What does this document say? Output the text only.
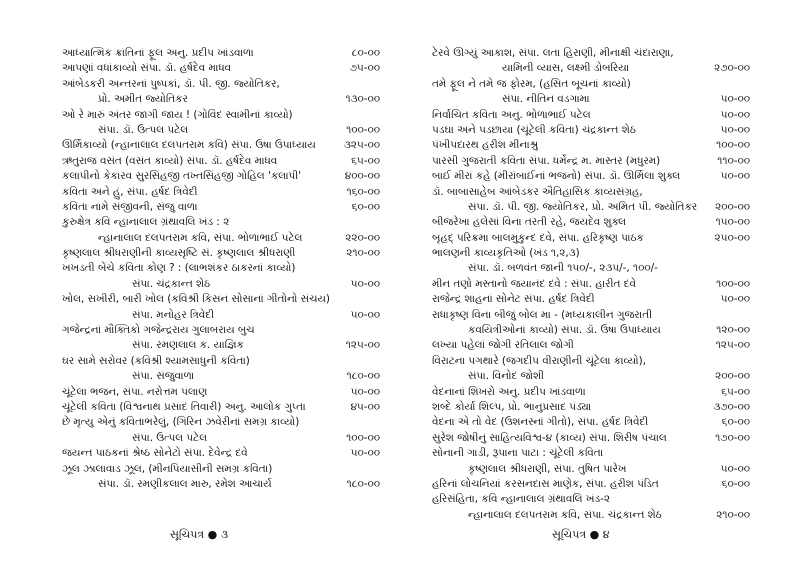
આધ્યાત્મિક ક્રાંતિનાં ફૂલ અનુ. પ્રદીપ ખાંડવાળા	૮૦-૦૦
આપણાં વધાંકાવ્યો સંપા. ડૉ. હર્ષદેવ માધવ	૭૫-૦૦
આંબેડકરી અન્તરનાં પુષ્પકાં, ડૉ. પી. જી. જ્યોતિકર,
પ્રો. અમીત જ્યોતિકર	૧૩૦-૦૦
ઓ રે મારું અંતર જાગી જાય ! (ગોવિંદ સ્વામીનાં કાવ્યો)
સંપા. ડૉ. ઉત્પલ પટેલ	૧૦૦-૦૦
ઊર્મિકાવ્યો (ન્હાનાલાલ દલપતરામ કવિ) સંપા. ઉષા ઉપાધ્યાય	૩૨૫-૦૦
ઋતુરાજ વસંત (વસંત કાવ્યો) સંપા. ડૉ. હર્ષદેવ માધવ	૬૫-૦૦
કલાપીનો કેકારવ સુરસિંહજી તખ્તસિંહજી ગોહિલ 'કલાપી'	૪૦૦-૦૦
કવિતા અને હું, સંપા. હર્ષદ ત્રિવેદી	૧૬૦-૦૦
કવિતા નામે સંજીવની, સંજુ વાળા	૬૦-૦૦
કુરુક્ષેત્ર કવિ ન્હાનાલાલ ગ્રંથાવલિ ખંડ : ૨
ન્હાનાલાલ દલપતરામ કવિ, સંપા. ભોળાભાઈ પટેલ	૨૨૦-૦૦
કૃષ્ણલાલ શ્રીધરાણીની કાવ્યસૃષ્ટિ સં. કૃષ્ણલાલ શ્રીધરાણી	૨૧૦-૦૦
ખખડતી બેંચે કવિતા કોણ ? : (લાભશંકર ઠાકરનાં કાવ્યો)
સંપા. ચંદ્રકાન્ત શેઠ	૫૦-૦૦
ખોલ, સખીરી, બારી ખોલ (કવિશ્રી કિસન સોસાનાં ગીતોનો સંચય)
સંપા. મનોહર ત્રિવેદી	૫૦-૦૦
ગજેન્દ્રનાં મૌક્તિકો ગજેન્દ્રરાય ગુલાબરાય બુચ
સંપા. રમણલાલ ક. યાજ્ઞિક	૧૨૫-૦૦
ઘર સામે સરોવર (કવિશ્રી શ્યામસાધુની કવિતા)
સંપા. સંજુવાળા	૧૮૦-૦૦
ચૂંટેલા ભજન, સંપા. નરોત્તમ પલાણ	૫૦-૦૦
ચૂંટેલી કવિતા (વિશ્વનાથ પ્રસાદ તિવારી) અનુ. આલોક ગુપ્તા	૪૫-૦૦
છે મૃત્યુ એનું કવિતાભરેલું, (ગિરિન ઝવેરીનાં સમગ્ર કાવ્યો)
સંપા. ઉત્પલ પટેલ	૧૦૦-૦૦
જયન્ત પાઠકનાં શ્રેષ્ઠ સોનેટો સંપા. દેવેન્દ્ર દવે	૫૦-૦૦
ઝૂલ ઝાલાવાડ ઝૂલ, (મીનપિયાસીની સમગ્ર કવિતા)
સંપા. ડૉ. રમણીકલાલ મારુ, રમેશ આચાર્ય	૧૮૦-૦૦
ટેરવે ઊગ્યું આકાશ, સંપા. લતા હિરાણી, મીનાક્ષી ચંદારાણા,
યામિની વ્યાસ, લક્ષ્મી ડોબરિયા	૨૭૦-૦૦
તમે ફૂલ ને તમે જ ફોરમ, (હસિત બૂચનાં કાવ્યો)
સંપા. નીતિન વડગામા	૫૦-૦૦
નિર્વાચિત કવિતા અનુ. ભોળાભાઈ પટેલ	૫૦-૦૦
પડઘા અને પડછાયા (ચૂંટેલી કવિતા) ચંદ્રકાન્ત શેઠ	૫૦-૦૦
પંખીપદારથ હરીશ મીનાશ્રુ	૧૦૦-૦૦
પારસી ગુજરાતી કવિતા સંપા. ધર્મેન્દ્ર મ. માસ્તર (મધુરમ)	૧૧૦-૦૦
બાઈ મીરાં કહે (મીરાંબાઈનાં ભજનો) સંપા. ડૉ. ઊર્મિલા શુક્લ	૫૦-૦૦
ડૉ. બાબાસાહેબ આંબેડકર ઐતિહાસિક કાવ્યસંગ્રહ,
સંપા. ડૉ. પી. જી. જ્યોતિકર, પ્રો. અમિત પી. જ્યોતિકર	૨૦૦-૦૦
બીજરેખા હલેસાં વિના તરતી રહે, જયદેવ શુક્લ	૧૫૦-૦૦
બૃહદ્ પરિક્રમા બાલમુકુન્દ દવે, સંપા. હરિકૃષ્ણ પાઠક	૨૫૦-૦૦
ભાલણની કાવ્યકૃતિઓ (ખંડ ૧,૨,૩)
સંપા. ડૉ. બળવંત જાની ૧૫૦/-, ૨૩૫/-, ૧૦૦/-
મીન તણો મસ્તાનો જયાનંદ દવે : સંપા. હારીત દવે	૧૦૦-૦૦
રાજેન્દ્ર શાહનાં સોનેટ સંપા. હર્ષદ ત્રિવેદી	૫૦-૦૦
રાધાકૃષ્ણ વિના બીજું બોલ મા - (મધ્યકાલીન ગુજરાતી
કવયિત્રીઓનાં કાવ્યો) સંપા. ડૉ. ઉષા ઉપાધ્યાય	૧૨૦-૦૦
લખ્યા પહેલાં જોગી રતિલાલ જોગી	૧૨૫-૦૦
વિરાટના પગથારે (જગદીપ વીરાણીની ચૂંટેલા કાવ્યો),
સંપા. વિનોદ જોશી	૨૦૦-૦૦
વેદનાનાં શિખરો અનુ. પ્રદીપ ખાંડવાળા	૬૫-૦૦
શબ્દે કોર્યા શિલ્પ, પ્રો. ભાનુપ્રસાદ પંડ્યા	૩૭૦-૦૦
વેદના એ તો વેદ (ઉશનસ્નાં ગીતો), સંપા. હર્ષદ ત્રિવેદી	૬૦-૦૦
સુરેશ જોષીનું સાહિત્યવિશ્વ-૪ (કાવ્ય) સંપા. શિરીષ પંચાલ	૧૭૦-૦૦
સોનાની ગાડી, રૂપાના પાટા : ચૂંટેલી કવિતા
કૃષ્ણલાલ શ્રીધરાણી, સંપા. તુષિત પારેખ	૫૦-૦૦
હરિનાં લોચનિયાં કરસનદાસ માણેક, સંપા. હરીશ પંડિત	૬૦-૦૦
હરિસંહિતા, કવિ ન્હાનાલાલ ગ્રંથાવલિ ખંડ-૨
ન્હાનાલાલ દલપતરામ કવિ, સંપા. ચંદ્રકાન્ત શેઠ	૨૧૦-૦૦
સૂચિપત્ર ● ૩	સૂચિપત્ર ● ૪
